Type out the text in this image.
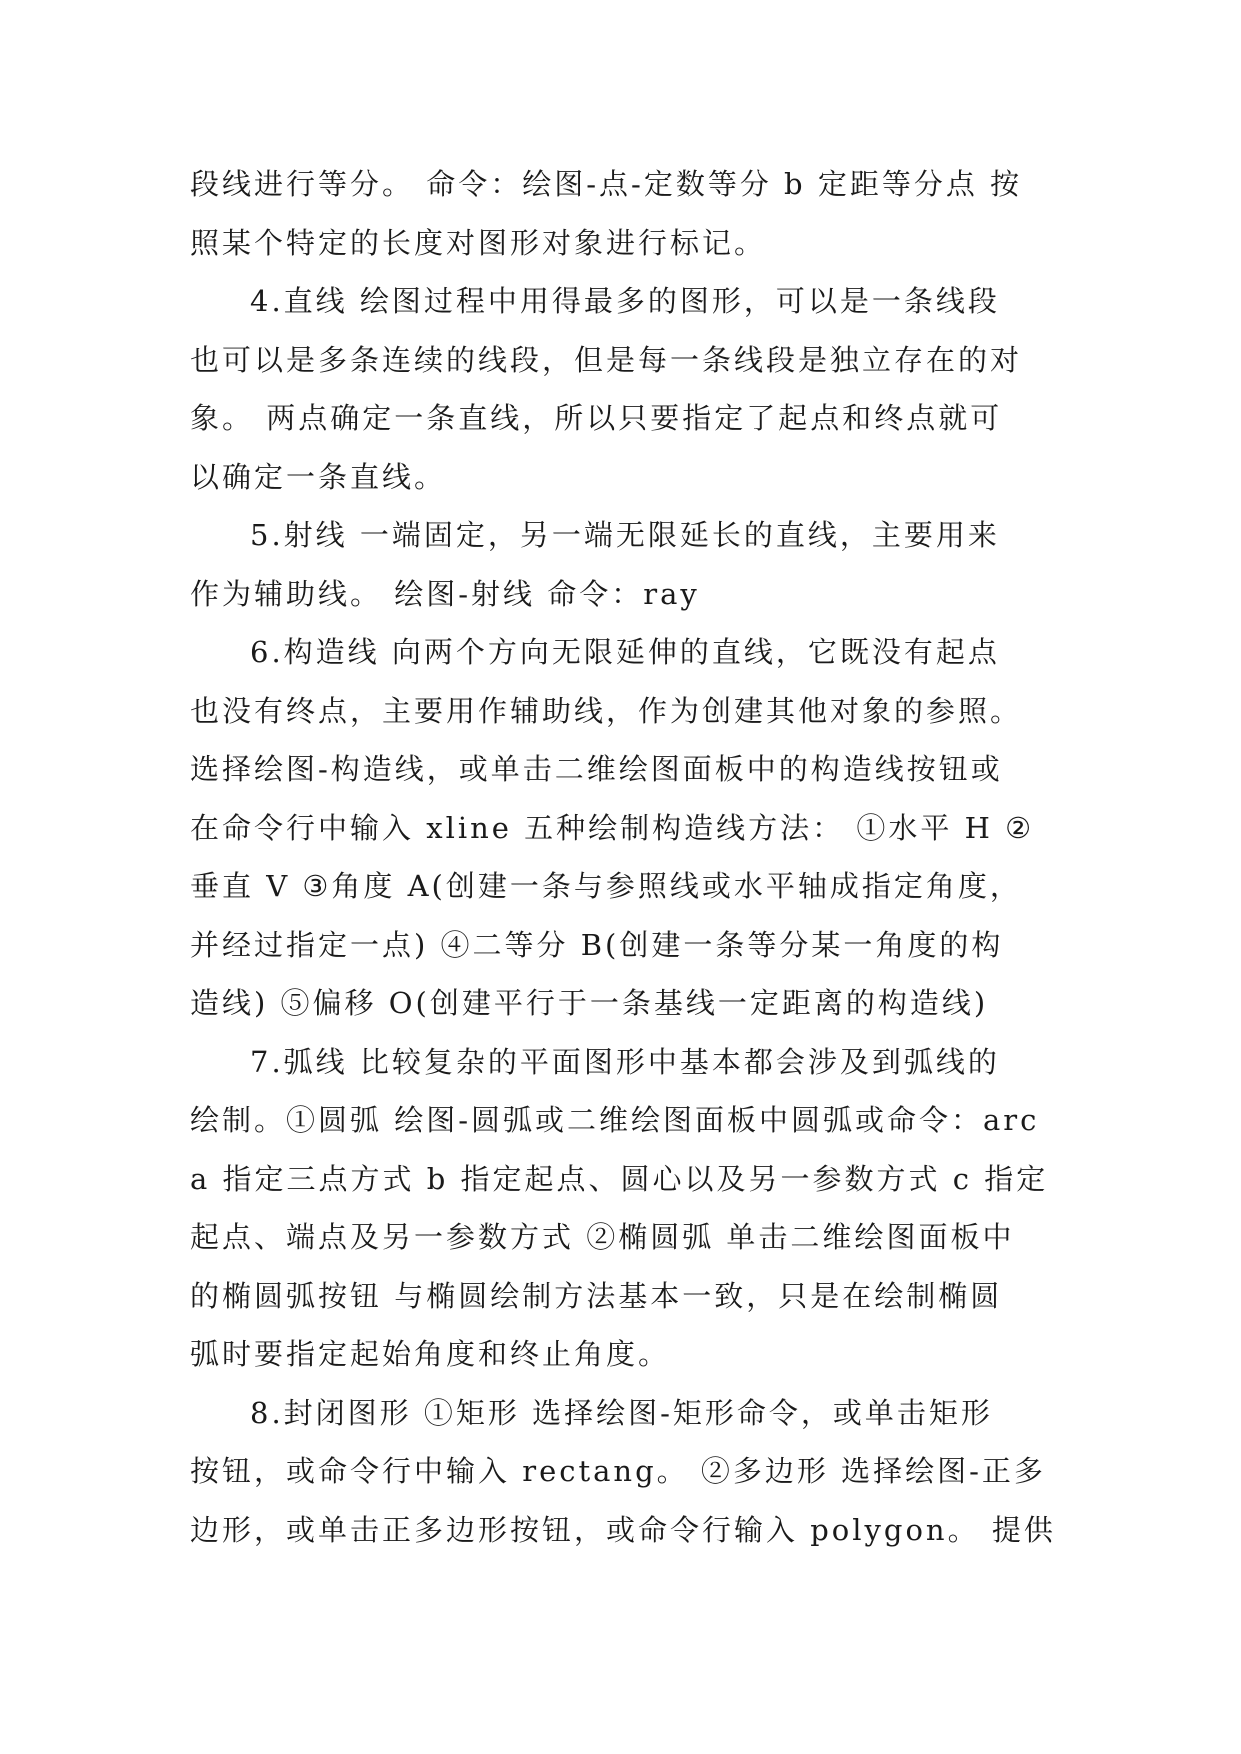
段线进行等分。 命令：绘图-点-定数等分 b 定距等分点 按
照某个特定的长度对图形对象进行标记。
4.直线 绘图过程中用得最多的图形，可以是一条线段
也可以是多条连续的线段，但是每一条线段是独立存在的对
象。 两点确定一条直线，所以只要指定了起点和终点就可
以确定一条直线。
5.射线 一端固定，另一端无限延长的直线，主要用来
作为辅助线。 绘图-射线 命令：ray
6.构造线 向两个方向无限延伸的直线，它既没有起点
也没有终点，主要用作辅助线，作为创建其他对象的参照。
选择绘图-构造线，或单击二维绘图面板中的构造线按钮或
在命令行中输入 xline 五种绘制构造线方法： ①水平 H ②
垂直 V ③角度 A(创建一条与参照线或水平轴成指定角度，
并经过指定一点) ④二等分 B(创建一条等分某一角度的构
造线) ⑤偏移 O(创建平行于一条基线一定距离的构造线)
7.弧线 比较复杂的平面图形中基本都会涉及到弧线的
绘制。①圆弧 绘图-圆弧或二维绘图面板中圆弧或命令：arc
a 指定三点方式 b 指定起点、圆心以及另一参数方式 c 指定
起点、端点及另一参数方式 ②椭圆弧 单击二维绘图面板中
的椭圆弧按钮 与椭圆绘制方法基本一致，只是在绘制椭圆
弧时要指定起始角度和终止角度。
8.封闭图形 ①矩形 选择绘图-矩形命令，或单击矩形
按钮，或命令行中输入 rectang。 ②多边形 选择绘图-正多
边形，或单击正多边形按钮，或命令行输入 polygon。 提供
